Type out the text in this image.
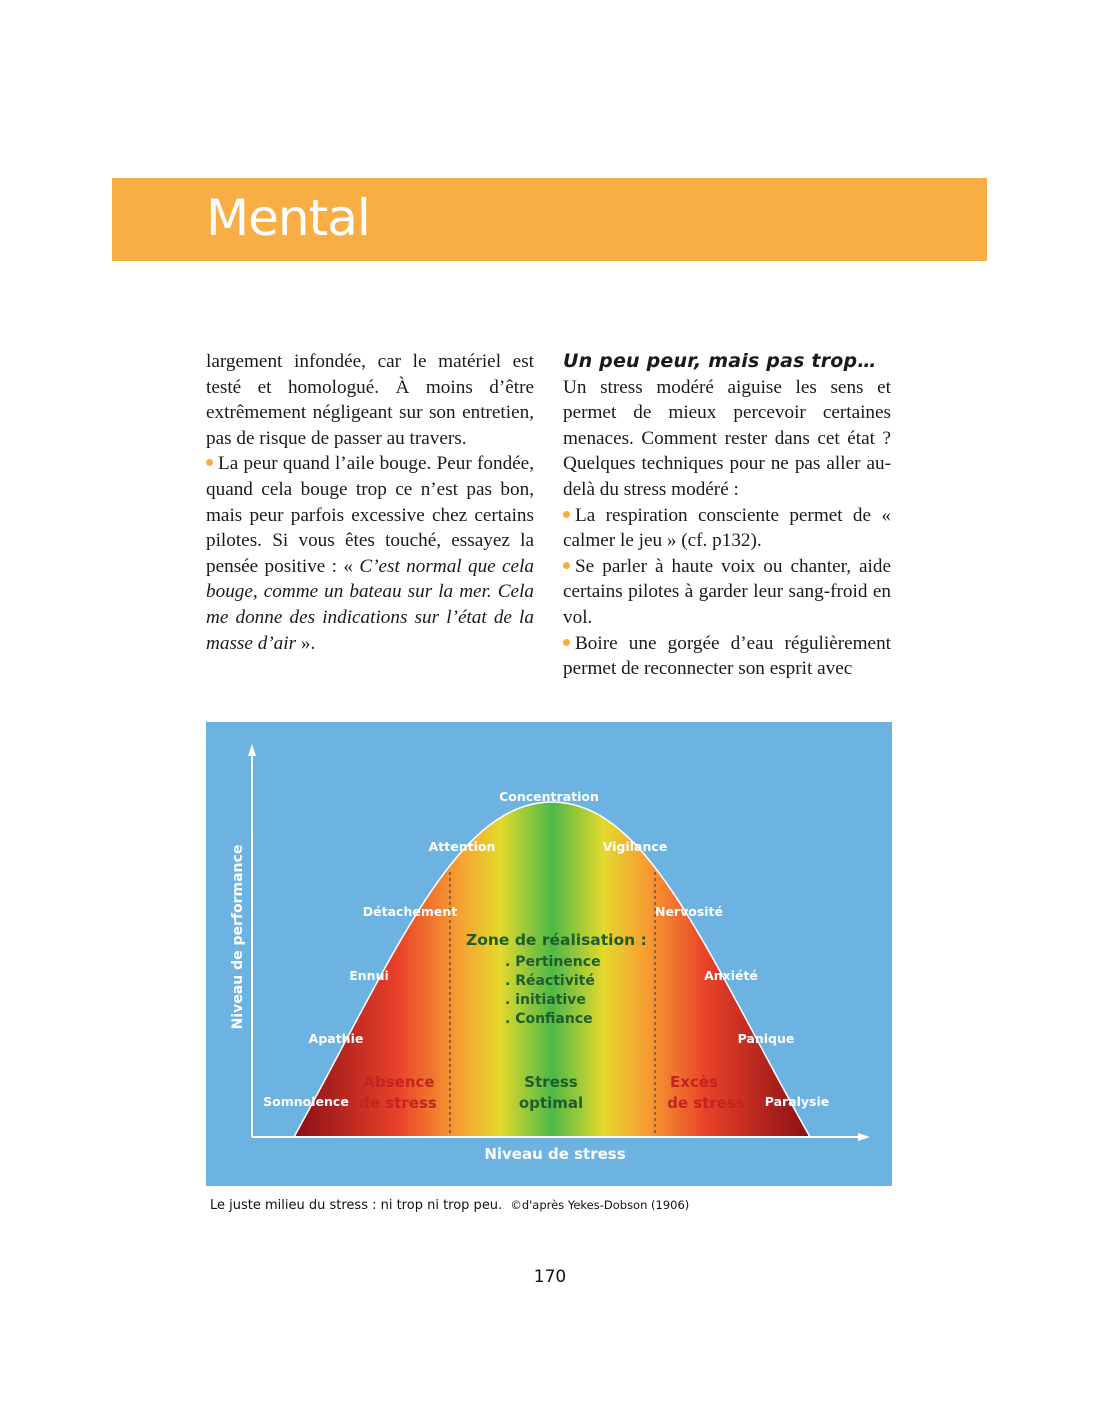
Mental

largement infondée, car le matériel est testé et homologué. À moins d’être extrêmement négligeant sur son entretien, pas de risque de passer au travers.

La peur quand l’aile bouge. Peur fondée, quand cela bouge trop ce n’est pas bon, mais peur parfois excessive chez certains pilotes. Si vous êtes touché, essayez la pensée positive : « C’est normal que cela bouge, comme un bateau sur la mer. Cela me donne des indications sur l’état de la masse d’air ».

Un peu peur, mais pas trop…

Un stress modéré aiguise les sens et permet de mieux percevoir certaines menaces. Comment rester dans cet état ? Quelques techniques pour ne pas aller au-delà du stress modéré :

La respiration consciente permet de « calmer le jeu » (cf. p132).

Se parler à haute voix ou chanter, aide certains pilotes à garder leur sang-froid en vol.

Boire une gorgée d’eau régulièrement permet de reconnecter son esprit avec

Niveau de performance
Niveau de stress
Somnolence
Apathie
Ennui
Détachement
Attention
Concentration
Vigilance
Nervosité
Anxiété
Panique
Paralysie
Zone de réalisation :
. Pertinence
. Réactivité
. initiative
. Confiance
Absence
de stress
Stress
optimal
Excès
de stress
Le juste milieu du stress : ni trop ni trop peu. ©d'après Yekes-Dobson (1906)
170
